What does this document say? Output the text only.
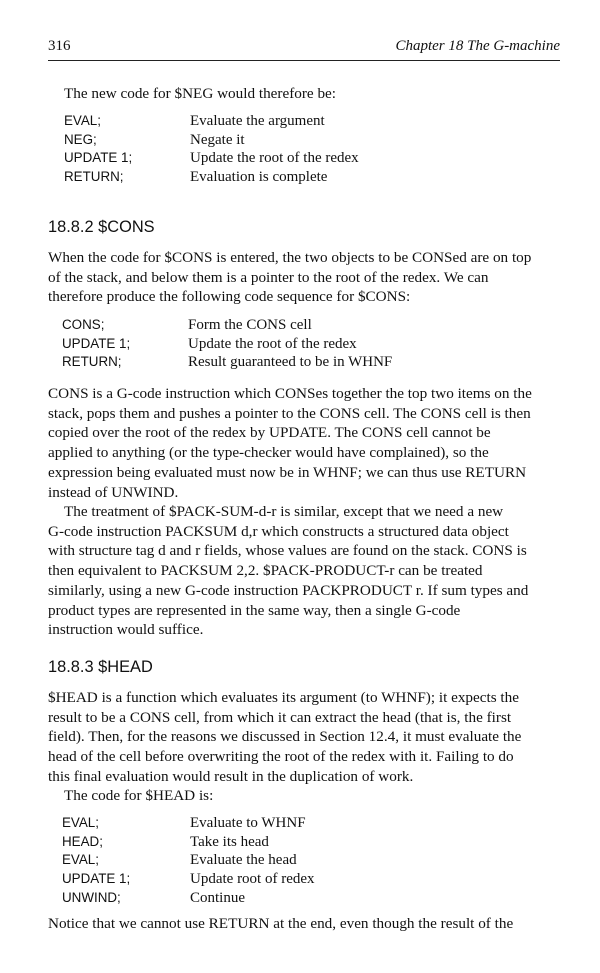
316	Chapter 18 The G-machine
The new code for $NEG would therefore be:
EVAL;	Evaluate the argument
NEG;	Negate it
UPDATE 1;	Update the root of the redex
RETURN;	Evaluation is complete
18.8.2 $CONS
When the code for $CONS is entered, the two objects to be CONSed are on top
of the stack, and below them is a pointer to the root of the redex. We can
therefore produce the following code sequence for $CONS:
CONS;	Form the CONS cell
UPDATE 1;	Update the root of the redex
RETURN;	Result guaranteed to be in WHNF
CONS is a G-code instruction which CONSes together the top two items on the
stack, pops them and pushes a pointer to the CONS cell. The CONS cell is then
copied over the root of the redex by UPDATE. The CONS cell cannot be
applied to anything (or the type-checker would have complained), so the
expression being evaluated must now be in WHNF; we can thus use RETURN
instead of UNWIND.
The treatment of $PACK-SUM-d-r is similar, except that we need a new
G-code instruction PACKSUM d,r which constructs a structured data object
with structure tag d and r fields, whose values are found on the stack. CONS is
then equivalent to PACKSUM 2,2. $PACK-PRODUCT-r can be treated
similarly, using a new G-code instruction PACKPRODUCT r. If sum types and
product types are represented in the same way, then a single G-code
instruction would suffice.
18.8.3 $HEAD
$HEAD is a function which evaluates its argument (to WHNF); it expects the
result to be a CONS cell, from which it can extract the head (that is, the first
field). Then, for the reasons we discussed in Section 12.4, it must evaluate the
head of the cell before overwriting the root of the redex with it. Failing to do
this final evaluation would result in the duplication of work.
The code for $HEAD is:
EVAL;	Evaluate to WHNF
HEAD;	Take its head
EVAL;	Evaluate the head
UPDATE 1;	Update root of redex
UNWIND;	Continue
Notice that we cannot use RETURN at the end, even though the result of the
